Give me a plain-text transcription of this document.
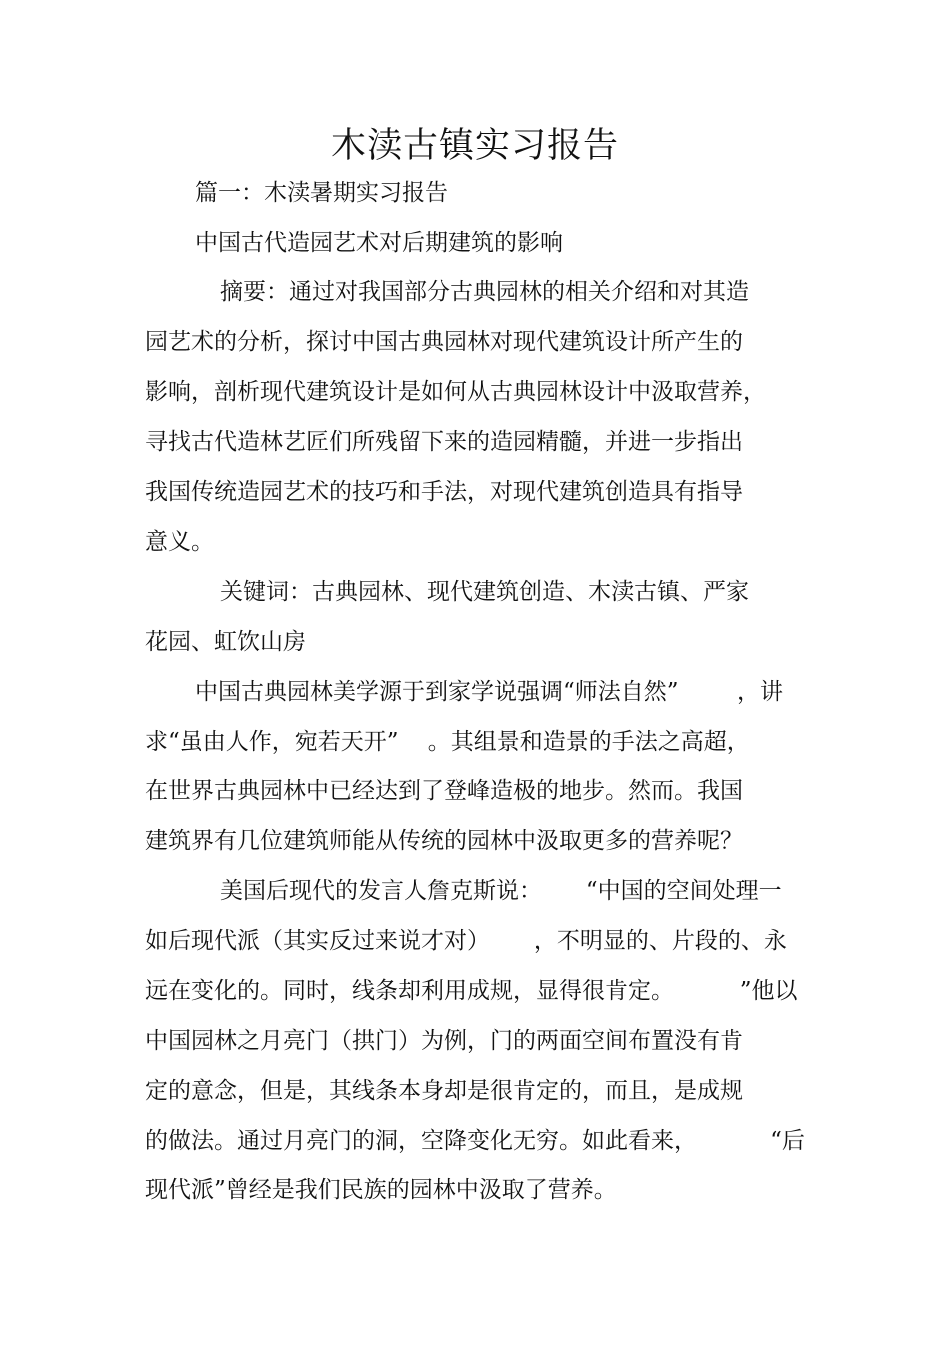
木渎古镇实习报告

篇一：木渎暑期实习报告

中国古代造园艺术对后期建筑的影响

摘要：通过对我国部分古典园林的相关介绍和对其造

园艺术的分析，探讨中国古典园林对现代建筑设计所产生的

影响，剖析现代建筑设计是如何从古典园林设计中汲取营养，

寻找古代造林艺匠们所残留下来的造园精髓，并进一步指出

我国传统造园艺术的技巧和手法，对现代建筑创造具有指导

意义。

关键词：古典园林、现代建筑创造、木渎古镇、严家

花园、虹饮山房

中国古典园林美学源于到家学说强调“师法自然”        ，讲

求“虽由人作，宛若天开”    。其组景和造景的手法之高超，

在世界古典园林中已经达到了登峰造极的地步。然而。我国

建筑界有几位建筑师能从传统的园林中汲取更多的营养呢？

美国后现代的发言人詹克斯说：      “中国的空间处理一

如后现代派（其实反过来说才对）      ，不明显的、片段的、永

远在变化的。同时，线条却利用成规，显得很肯定。         ”他以

中国园林之月亮门（拱门）为例，门的两面空间布置没有肯

定的意念，但是，其线条本身却是很肯定的，而且，是成规

的做法。通过月亮门的洞，空降变化无穷。如此看来，          “后

现代派”曾经是我们民族的园林中汲取了营养。
